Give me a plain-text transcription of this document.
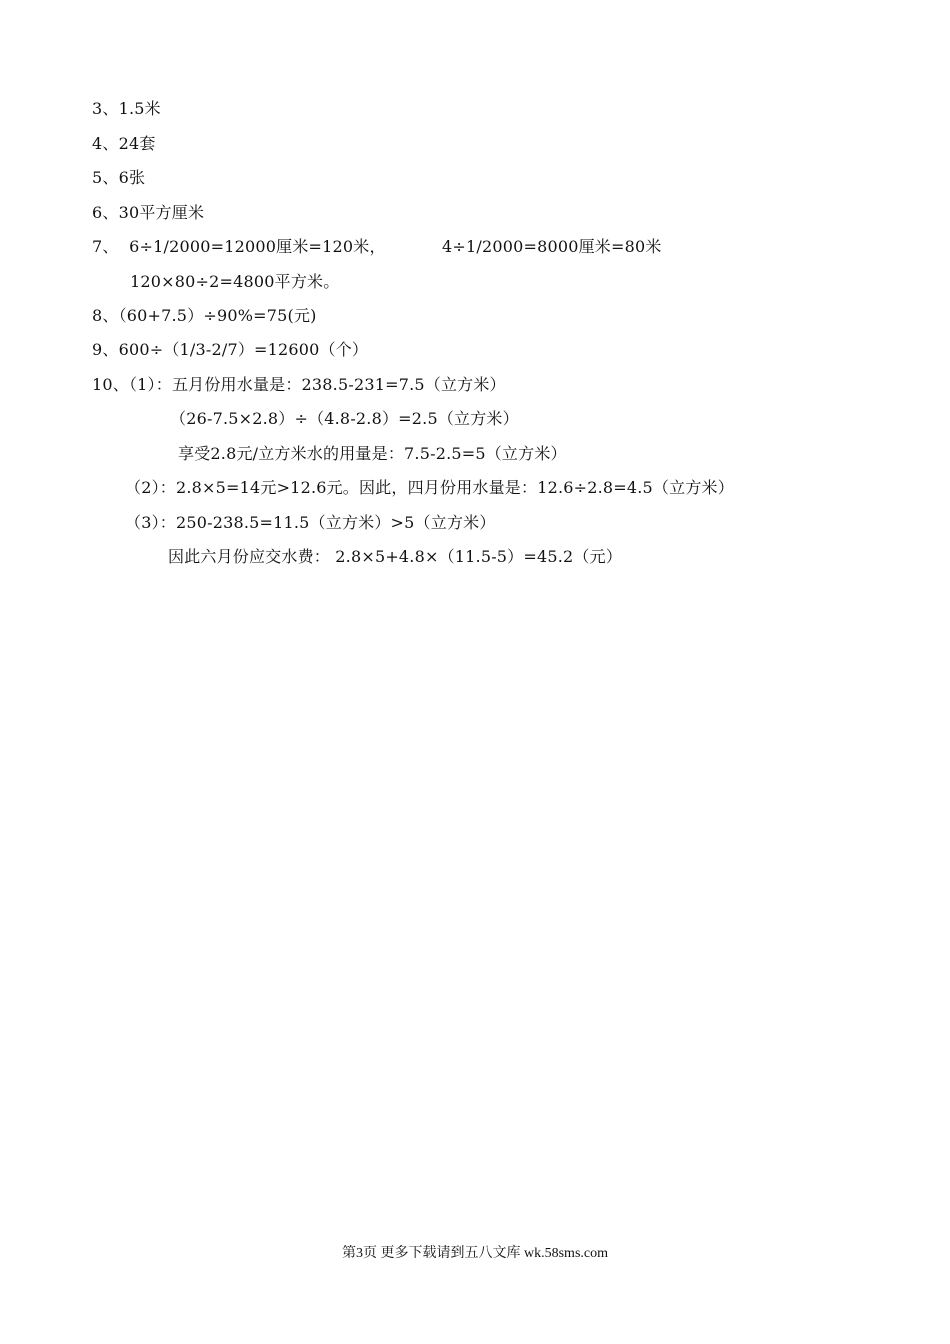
3、1.5米
4、24套
5、6张
6、30平方厘米
7、  6÷1/2000=12000厘米=120米，	4÷1/2000=8000厘米=80米
120×80÷2=4800平方米。
8、（60+7.5）÷90%=75(元)
9、600÷（1/3-2/7）=12600（个）
10、（1）：五月份用水量是：238.5-231=7.5（立方米）
（26-7.5×2.8）÷（4.8-2.8）=2.5（立方米）
享受2.8元/立方米水的用量是：7.5-2.5=5（立方米）
（2）：2.8×5=14元>12.6元。因此，四月份用水量是：12.6÷2.8=4.5（立方米）
（3）：250-238.5=11.5（立方米）>5（立方米）
因此六月份应交水费： 2.8×5+4.8×（11.5-5）=45.2（元）
第3页 更多下载请到五八文库 wk.58sms.com
